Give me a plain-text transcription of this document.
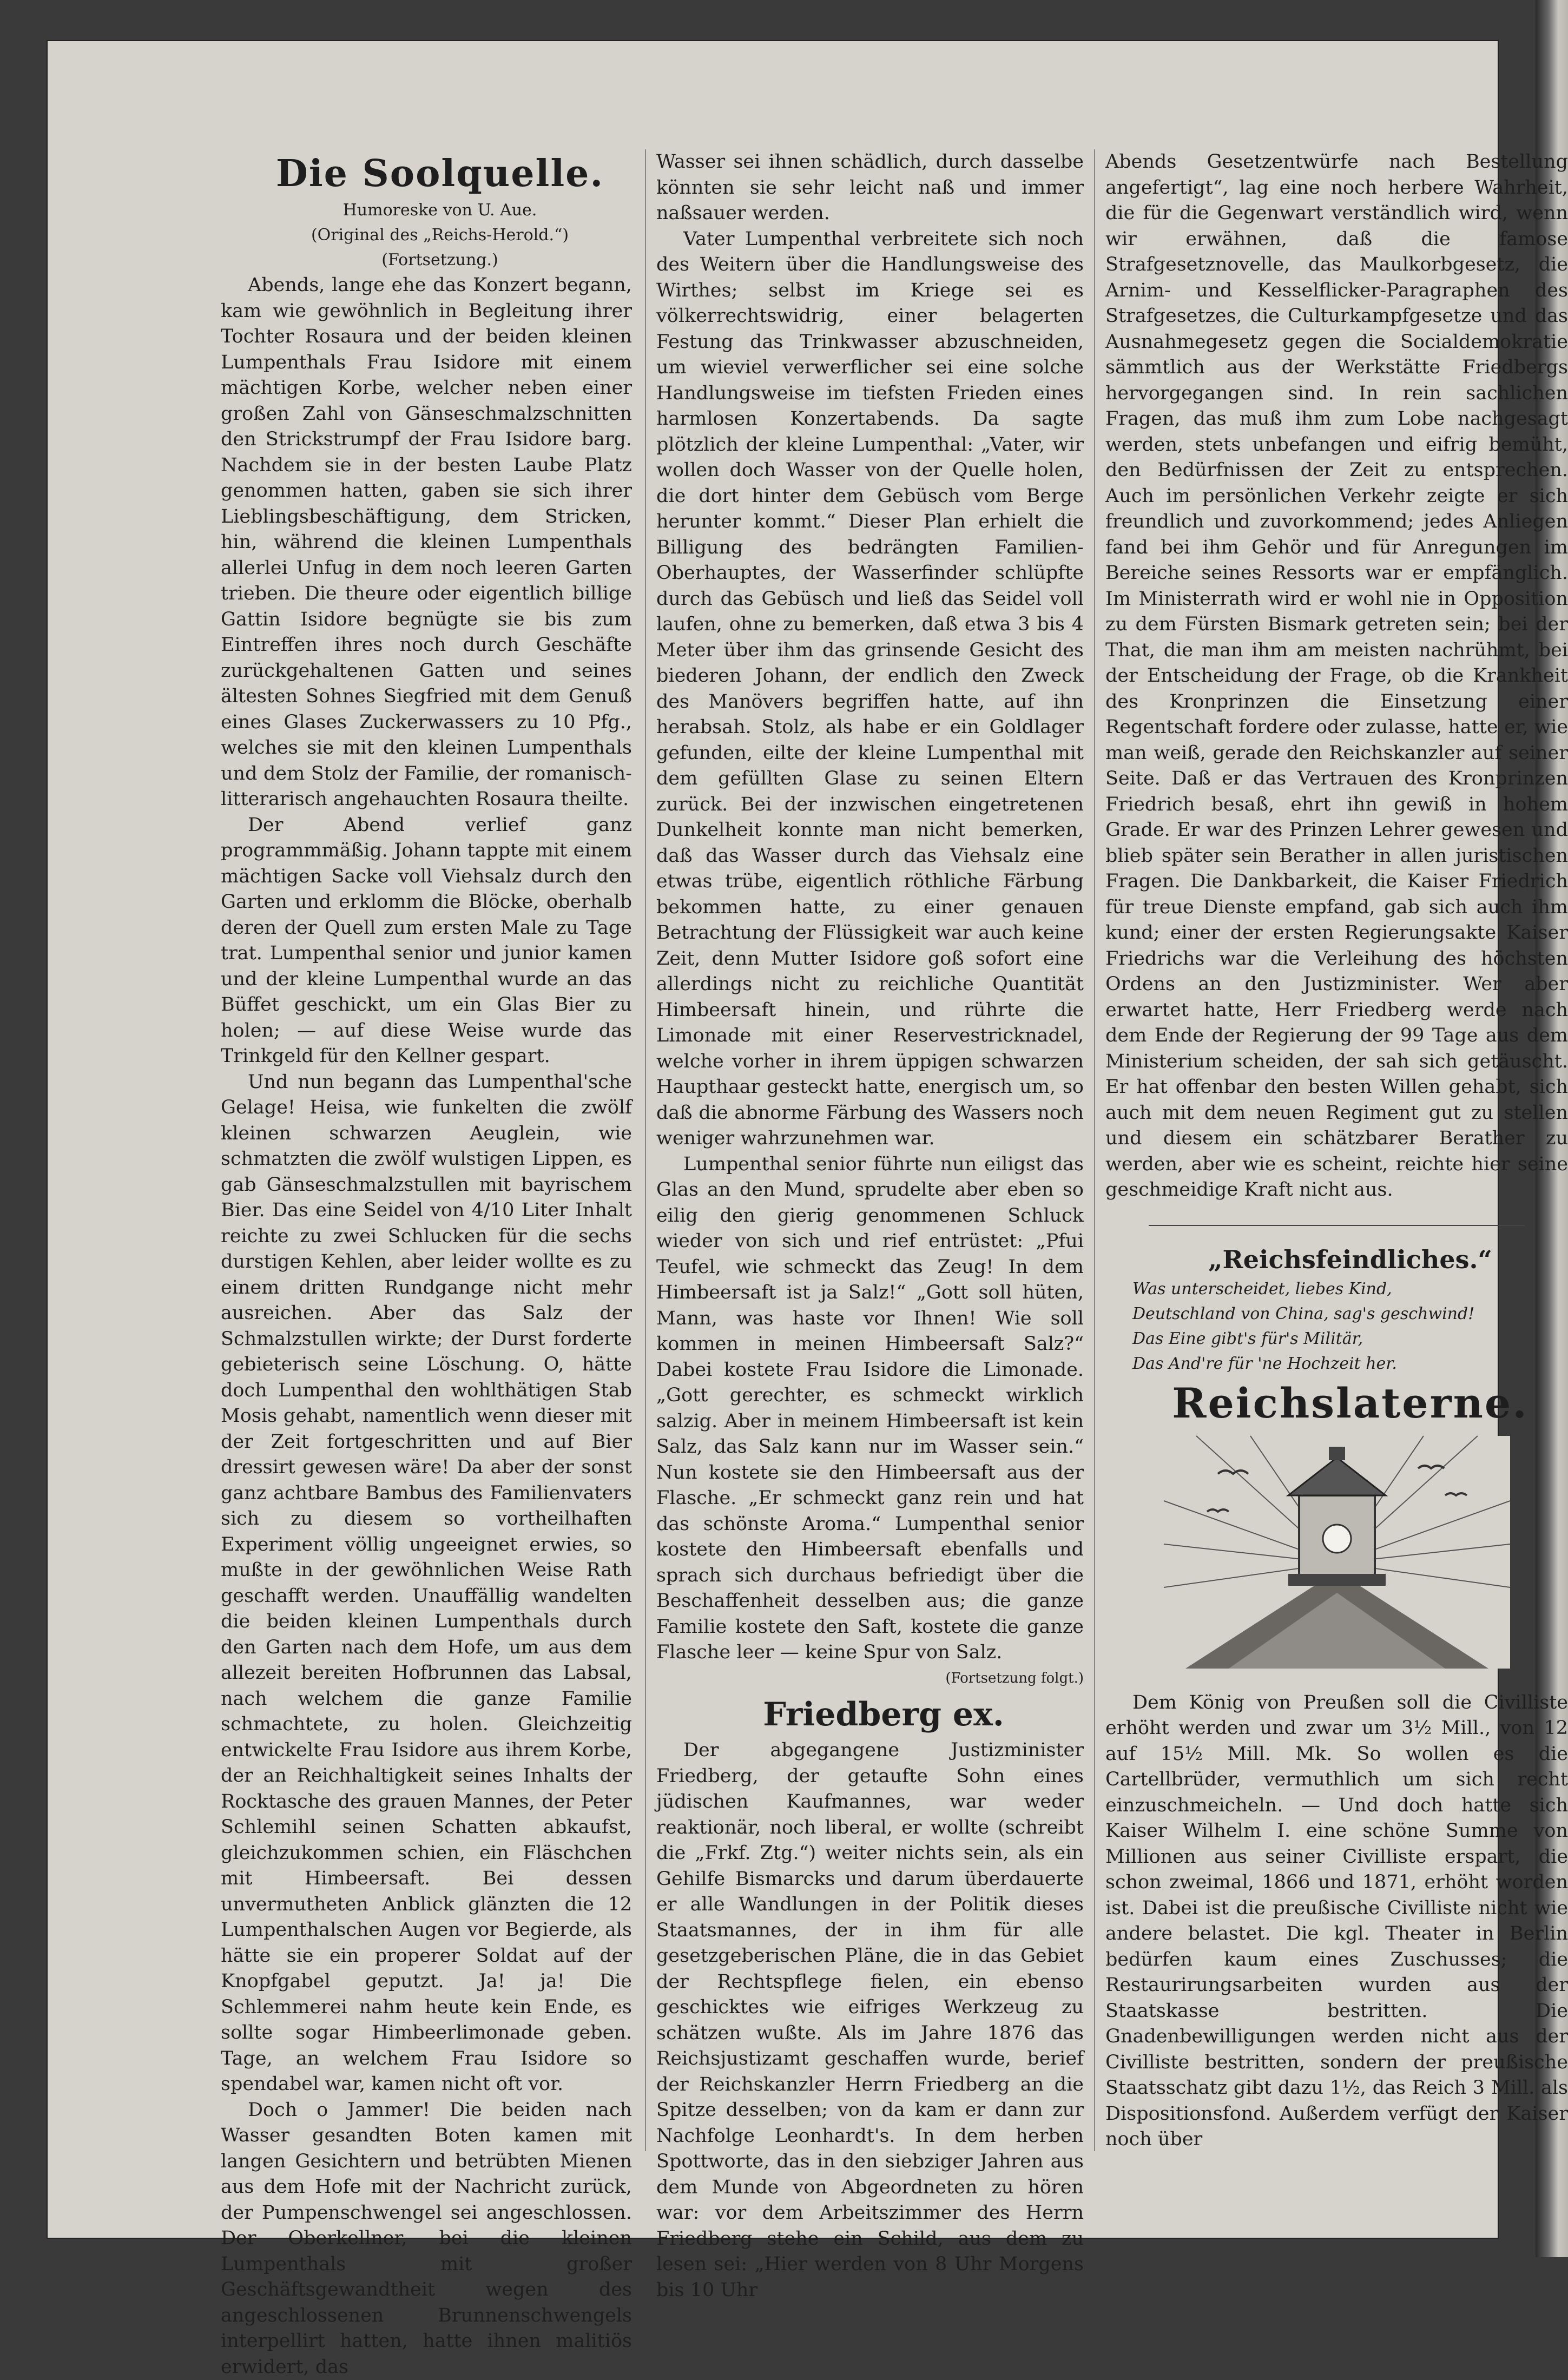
Die Soolquelle.

Humoreske von U. Aue.

(Original des „Reichs-Herold.“)

(Fortsetzung.)

Abends, lange ehe das Konzert begann, kam wie gewöhnlich in Begleitung ihrer Tochter Rosaura und der beiden kleinen Lumpenthals Frau Isidore mit einem mächtigen Korbe, welcher neben einer großen Zahl von Gänseschmalzschnitten den Strickstrumpf der Frau Isidore barg. Nachdem sie in der besten Laube Platz genommen hatten, gaben sie sich ihrer Lieblingsbeschäftigung, dem Stricken, hin, während die kleinen Lumpenthals allerlei Unfug in dem noch leeren Garten trieben. Die theure oder eigentlich billige Gattin Isidore begnügte sie bis zum Eintreffen ihres noch durch Geschäfte zurückgehaltenen Gatten und seines ältesten Sohnes Siegfried mit dem Genuß eines Glases Zuckerwassers zu 10 Pfg., welches sie mit den kleinen Lumpenthals und dem Stolz der Familie, der romanisch-litterarisch angehauchten Rosaura theilte.

Der Abend verlief ganz programmmäßig. Johann tappte mit einem mächtigen Sacke voll Viehsalz durch den Garten und erklomm die Blöcke, oberhalb deren der Quell zum ersten Male zu Tage trat. Lumpenthal senior und junior kamen und der kleine Lumpenthal wurde an das Büffet geschickt, um ein Glas Bier zu holen; — auf diese Weise wurde das Trinkgeld für den Kellner gespart.

Und nun begann das Lumpenthal'sche Gelage! Heisa, wie funkelten die zwölf kleinen schwarzen Aeuglein, wie schmatzten die zwölf wulstigen Lippen, es gab Gänseschmalzstullen mit bayrischem Bier. Das eine Seidel von 4/10 Liter Inhalt reichte zu zwei Schlucken für die sechs durstigen Kehlen, aber leider wollte es zu einem dritten Rundgange nicht mehr ausreichen. Aber das Salz der Schmalzstullen wirkte; der Durst forderte gebieterisch seine Löschung. O, hätte doch Lumpenthal den wohlthätigen Stab Mosis gehabt, namentlich wenn dieser mit der Zeit fortgeschritten und auf Bier dressirt gewesen wäre! Da aber der sonst ganz achtbare Bambus des Familienvaters sich zu diesem so vortheilhaften Experiment völlig ungeeignet erwies, so mußte in der gewöhnlichen Weise Rath geschafft werden. Unauffällig wandelten die beiden kleinen Lumpenthals durch den Garten nach dem Hofe, um aus dem allezeit bereiten Hofbrunnen das Labsal, nach welchem die ganze Familie schmachtete, zu holen. Gleichzeitig entwickelte Frau Isidore aus ihrem Korbe, der an Reichhaltigkeit seines Inhalts der Rocktasche des grauen Mannes, der Peter Schlemihl seinen Schatten abkaufst, gleichzukommen schien, ein Fläschchen mit Himbeersaft. Bei dessen unvermutheten Anblick glänzten die 12 Lumpenthalschen Augen vor Begierde, als hätte sie ein properer Soldat auf der Knopfgabel geputzt. Ja! ja! Die Schlemmerei nahm heute kein Ende, es sollte sogar Himbeerlimonade geben. Tage, an welchem Frau Isidore so spendabel war, kamen nicht oft vor.

Doch o Jammer! Die beiden nach Wasser gesandten Boten kamen mit langen Gesichtern und betrübten Mienen aus dem Hofe mit der Nachricht zurück, der Pumpenschwengel sei angeschlossen. Der Oberkellner, bei die kleinen Lumpenthals mit großer Geschäftsgewandtheit wegen des angeschlossenen Brunnenschwengels interpellirt hatten, hatte ihnen malitiös erwidert, das

Wasser sei ihnen schädlich, durch dasselbe könnten sie sehr leicht naß und immer naßsauer werden.

Vater Lumpenthal verbreitete sich noch des Weitern über die Handlungsweise des Wirthes; selbst im Kriege sei es völkerrechtswidrig, einer belagerten Festung das Trinkwasser abzuschneiden, um wieviel verwerflicher sei eine solche Handlungsweise im tiefsten Frieden eines harmlosen Konzertabends. Da sagte plötzlich der kleine Lumpenthal: „Vater, wir wollen doch Wasser von der Quelle holen, die dort hinter dem Gebüsch vom Berge herunter kommt.“ Dieser Plan erhielt die Billigung des bedrängten Familien-Oberhauptes, der Wasserfinder schlüpfte durch das Gebüsch und ließ das Seidel voll laufen, ohne zu bemerken, daß etwa 3 bis 4 Meter über ihm das grinsende Gesicht des biederen Johann, der endlich den Zweck des Manövers begriffen hatte, auf ihn herabsah. Stolz, als habe er ein Goldlager gefunden, eilte der kleine Lumpenthal mit dem gefüllten Glase zu seinen Eltern zurück. Bei der inzwischen eingetretenen Dunkelheit konnte man nicht bemerken, daß das Wasser durch das Viehsalz eine etwas trübe, eigentlich röthliche Färbung bekommen hatte, zu einer genauen Betrachtung der Flüssigkeit war auch keine Zeit, denn Mutter Isidore goß sofort eine allerdings nicht zu reichliche Quantität Himbeersaft hinein, und rührte die Limonade mit einer Reservestricknadel, welche vorher in ihrem üppigen schwarzen Haupthaar gesteckt hatte, energisch um, so daß die abnorme Färbung des Wassers noch weniger wahrzunehmen war.

Lumpenthal senior führte nun eiligst das Glas an den Mund, sprudelte aber eben so eilig den gierig genommenen Schluck wieder von sich und rief entrüstet: „Pfui Teufel, wie schmeckt das Zeug! In dem Himbeersaft ist ja Salz!“ „Gott soll hüten, Mann, was haste vor Ihnen! Wie soll kommen in meinen Himbeersaft Salz?“ Dabei kostete Frau Isidore die Limonade. „Gott gerechter, es schmeckt wirklich salzig. Aber in meinem Himbeersaft ist kein Salz, das Salz kann nur im Wasser sein.“ Nun kostete sie den Himbeersaft aus der Flasche. „Er schmeckt ganz rein und hat das schönste Aroma.“ Lumpenthal senior kostete den Himbeersaft ebenfalls und sprach sich durchaus befriedigt über die Beschaffenheit desselben aus; die ganze Familie kostete den Saft, kostete die ganze Flasche leer — keine Spur von Salz.

(Fortsetzung folgt.)

Friedberg ex.

Der abgegangene Justizminister Friedberg, der getaufte Sohn eines jüdischen Kaufmannes, war weder reaktionär, noch liberal, er wollte (schreibt die „Frkf. Ztg.“) weiter nichts sein, als ein Gehilfe Bismarcks und darum überdauerte er alle Wandlungen in der Politik dieses Staatsmannes, der in ihm für alle gesetzgeberischen Pläne, die in das Gebiet der Rechtspflege fielen, ein ebenso geschicktes wie eifriges Werkzeug zu schätzen wußte. Als im Jahre 1876 das Reichsjustizamt geschaffen wurde, berief der Reichskanzler Herrn Friedberg an die Spitze desselben; von da kam er dann zur Nachfolge Leonhardt's. In dem herben Spottworte, das in den siebziger Jahren aus dem Munde von Abgeordneten zu hören war: vor dem Arbeitszimmer des Herrn Friedberg stehe ein Schild, aus dem zu lesen sei: „Hier werden von 8 Uhr Morgens bis 10 Uhr

Abends Gesetzentwürfe nach Bestellung angefertigt“, lag eine noch herbere Wahrheit, die für die Gegenwart verständlich wird, wenn wir erwähnen, daß die famose Strafgesetznovelle, das Maulkorbgesetz, die Arnim- und Kesselflicker-Paragraphen des Strafgesetzes, die Culturkampfgesetze und das Ausnahmegesetz gegen die Socialdemokratie sämmtlich aus der Werkstätte Friedbergs hervorgegangen sind. In rein sachlichen Fragen, das muß ihm zum Lobe nachgesagt werden, stets unbefangen und eifrig bemüht, den Bedürfnissen der Zeit zu entsprechen. Auch im persönlichen Verkehr zeigte er sich freundlich und zuvorkommend; jedes Anliegen fand bei ihm Gehör und für Anregungen im Bereiche seines Ressorts war er empfänglich. Im Ministerrath wird er wohl nie in Opposition zu dem Fürsten Bismark getreten sein; bei der That, die man ihm am meisten nachrühmt, bei der Entscheidung der Frage, ob die Krankheit des Kronprinzen die Einsetzung einer Regentschaft fordere oder zulasse, hatte er, wie man weiß, gerade den Reichskanzler auf seiner Seite. Daß er das Vertrauen des Kronprinzen Friedrich besaß, ehrt ihn gewiß in hohem Grade. Er war des Prinzen Lehrer gewesen und blieb später sein Berather in allen juristischen Fragen. Die Dankbarkeit, die Kaiser Friedrich für treue Dienste empfand, gab sich auch ihm kund; einer der ersten Regierungsakte Kaiser Friedrichs war die Verleihung des höchsten Ordens an den Justizminister. Wer aber erwartet hatte, Herr Friedberg werde nach dem Ende der Regierung der 99 Tage aus dem Ministerium scheiden, der sah sich getäuscht. Er hat offenbar den besten Willen gehabt, sich auch mit dem neuen Regiment gut zu stellen und diesem ein schätzbarer Berather zu werden, aber wie es scheint, reichte hier seine geschmeidige Kraft nicht aus.

„Reichsfeindliches.“

Was unterscheidet, liebes Kind,

Deutschland von China, sag's geschwind!

Das Eine gibt's für's Militär,

Das And're für 'ne Hochzeit her.

Reichslaterne.

Dem König von Preußen soll die Civilliste erhöht werden und zwar um 3½ Mill., von 12 auf 15½ Mill. Mk. So wollen es die Cartellbrüder, vermuthlich um sich recht einzuschmeicheln. — Und doch hatte sich Kaiser Wilhelm I. eine schöne Summe von Millionen aus seiner Civilliste erspart, die schon zweimal, 1866 und 1871, erhöht worden ist. Dabei ist die preußische Civilliste nicht wie andere belastet. Die kgl. Theater in Berlin bedürfen kaum eines Zuschusses; die Restaurirungsarbeiten wurden aus der Staatskasse bestritten. Die Gnadenbewilligungen werden nicht aus der Civilliste bestritten, sondern der preußische Staatsschatz gibt dazu 1½, das Reich 3 Mill. als Dispositionsfond. Außerdem verfügt der Kaiser noch über
